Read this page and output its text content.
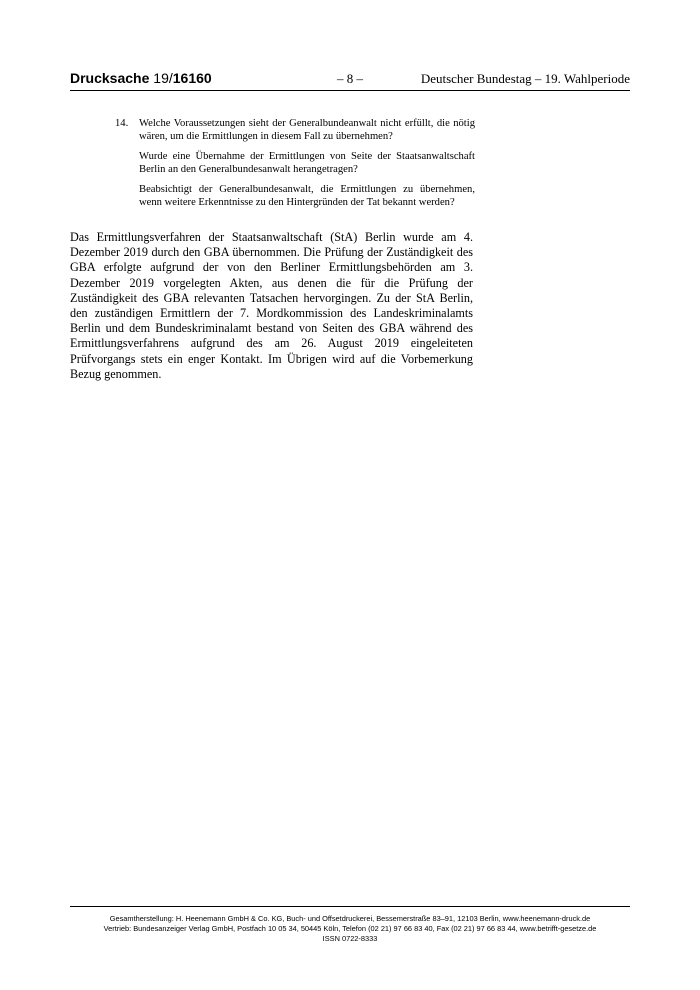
Drucksache 19/16160	– 8 –	Deutscher Bundestag – 19. Wahlperiode
14. Welche Voraussetzungen sieht der Generalbundeanwalt nicht erfüllt, die nötig wären, um die Ermittlungen in diesem Fall zu übernehmen?

Wurde eine Übernahme der Ermittlungen von Seite der Staatsanwaltschaft Berlin an den Generalbundesanwalt herangetragen?

Beabsichtigt der Generalbundesanwalt, die Ermittlungen zu übernehmen, wenn weitere Erkenntnisse zu den Hintergründen der Tat bekannt werden?

Das Ermittlungsverfahren der Staatsanwaltschaft (StA) Berlin wurde am 4. Dezember 2019 durch den GBA übernommen. Die Prüfung der Zuständigkeit des GBA erfolgte aufgrund der von den Berliner Ermittlungsbehörden am 3. Dezember 2019 vorgelegten Akten, aus denen die für die Prüfung der Zuständigkeit des GBA relevanten Tatsachen hervorgingen. Zu der StA Berlin, den zuständigen Ermittlern der 7. Mordkommission des Landeskriminalamts Berlin und dem Bundeskriminalamt bestand von Seiten des GBA während des Ermittlungsverfahrens aufgrund des am 26. August 2019 eingeleiteten Prüfvorgangs stets ein enger Kontakt. Im Übrigen wird auf die Vorbemerkung Bezug genommen.

Gesamtherstellung: H. Heenemann GmbH & Co. KG, Buch- und Offsetdruckerei, Bessemerstraße 83–91, 12103 Berlin, www.heenemann-druck.de
Vertrieb: Bundesanzeiger Verlag GmbH, Postfach 10 05 34, 50445 Köln, Telefon (02 21) 97 66 83 40, Fax (02 21) 97 66 83 44, www.betrifft-gesetze.de
ISSN 0722-8333
